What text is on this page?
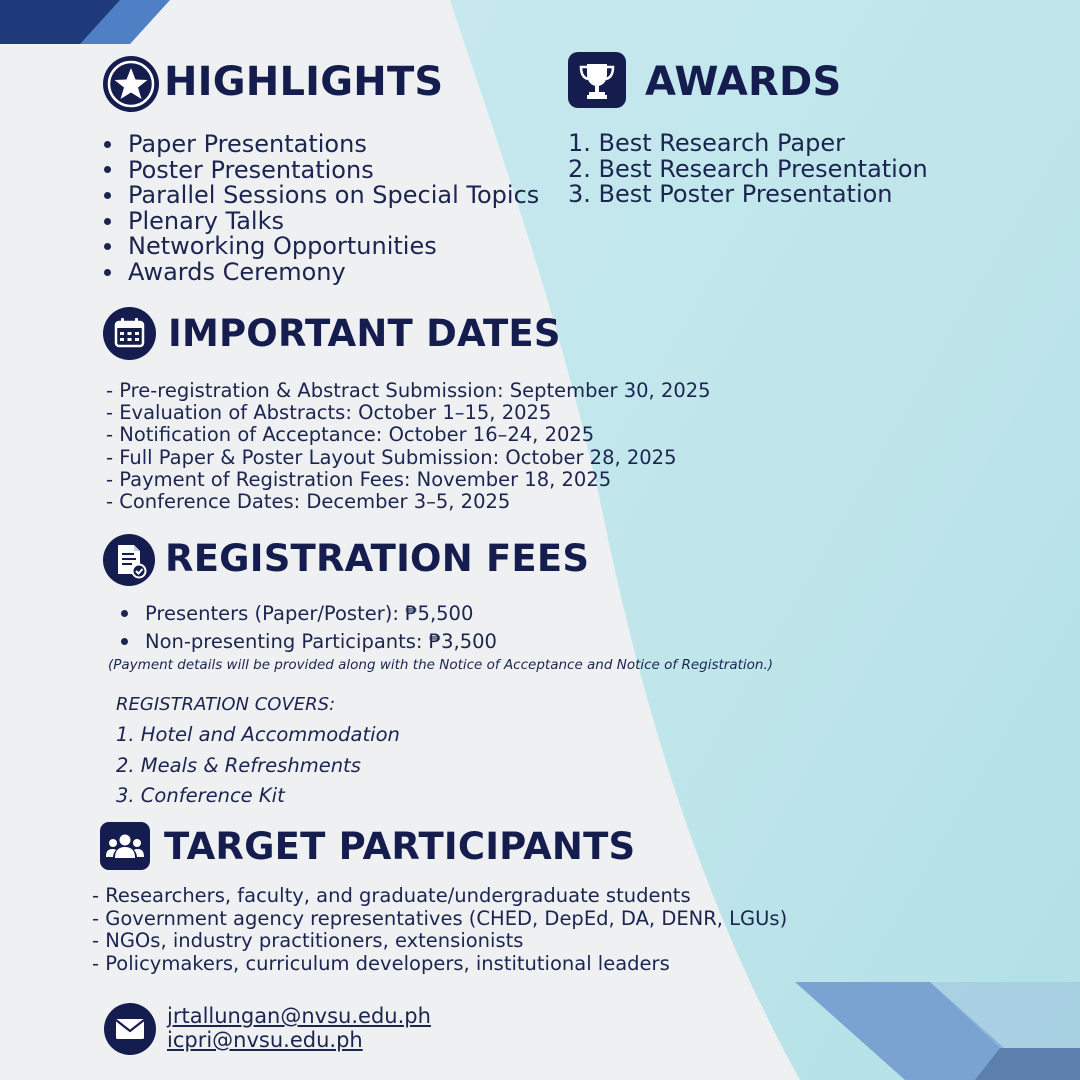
HIGHLIGHTS
Paper Presentations
Poster Presentations
Parallel Sessions on Special Topics
Plenary Talks
Networking Opportunities
Awards Ceremony
AWARDS
1. Best Research Paper
2. Best Research Presentation
3. Best Poster Presentation
IMPORTANT DATES
- Pre-registration & Abstract Submission: September 30, 2025
- Evaluation of Abstracts: October 1–15, 2025
- Notification of Acceptance: October 16–24, 2025
- Full Paper & Poster Layout Submission: October 28, 2025
- Payment of Registration Fees: November 18, 2025
- Conference Dates: December 3–5, 2025
REGISTRATION FEES
Presenters (Paper/Poster): ₱5,500
Non-presenting Participants: ₱3,500
(Payment details will be provided along with the Notice of Acceptance and Notice of Registration.)
REGISTRATION COVERS:
1. Hotel and Accommodation
2. Meals & Refreshments
3. Conference Kit
TARGET PARTICIPANTS
- Researchers, faculty, and graduate/undergraduate students
- Government agency representatives (CHED, DepEd, DA, DENR, LGUs)
- NGOs, industry practitioners, extensionists
- Policymakers, curriculum developers, institutional leaders
jrtallungan@nvsu.edu.ph
icpri@nvsu.edu.ph
